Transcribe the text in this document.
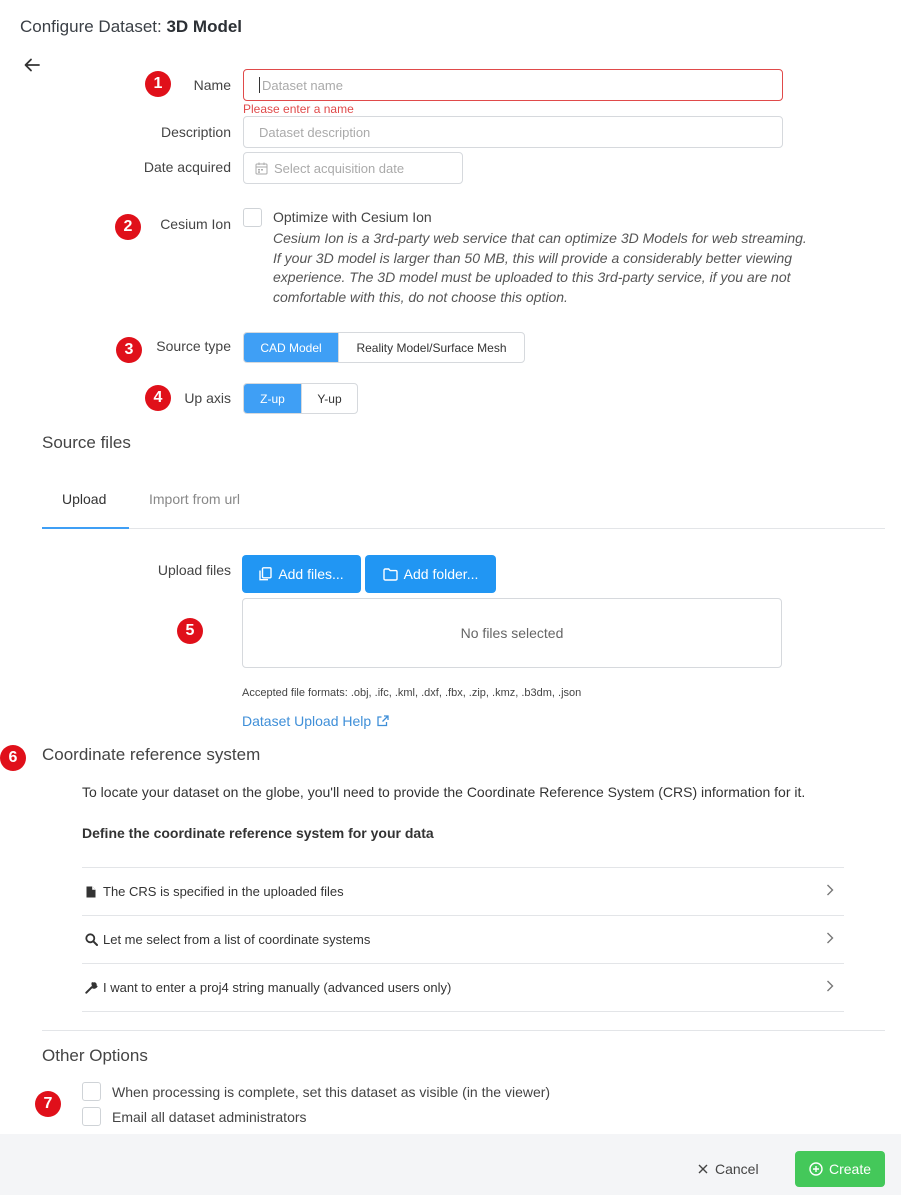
Configure Dataset: 3D Model
1	Name Dataset name
Please enter a name
Description Dataset description
Date acquired	Select acquisition date
2	Cesium Ion	Optimize with Cesium Ion
Cesium Ion is a 3rd-party web service that can optimize 3D Models for web streaming. If your 3D model is larger than 50 MB, this will provide a considerably better viewing experience. The 3D model must be uploaded to this 3rd-party service, if you are not comfortable with this, do not choose this option.
3	Source type	CAD Model	Reality Model/Surface Mesh
4	Up axis	Z-up	Y-up
Source files
Upload	Import from url
Upload files	Add files...	Add folder...
5	No files selected
Accepted file formats: .obj, .ifc, .kml, .dxf, .fbx, .zip, .kmz, .b3dm, .json
Dataset Upload Help
6	Coordinate reference system
To locate your dataset on the globe, you'll need to provide the Coordinate Reference System (CRS) information for it.
Define the coordinate reference system for your data
The CRS is specified in the uploaded files
Let me select from a list of coordinate systems
I want to enter a proj4 string manually (advanced users only)
Other Options
7
When processing is complete, set this dataset as visible (in the viewer)
Email all dataset administrators
Cancel	Create
